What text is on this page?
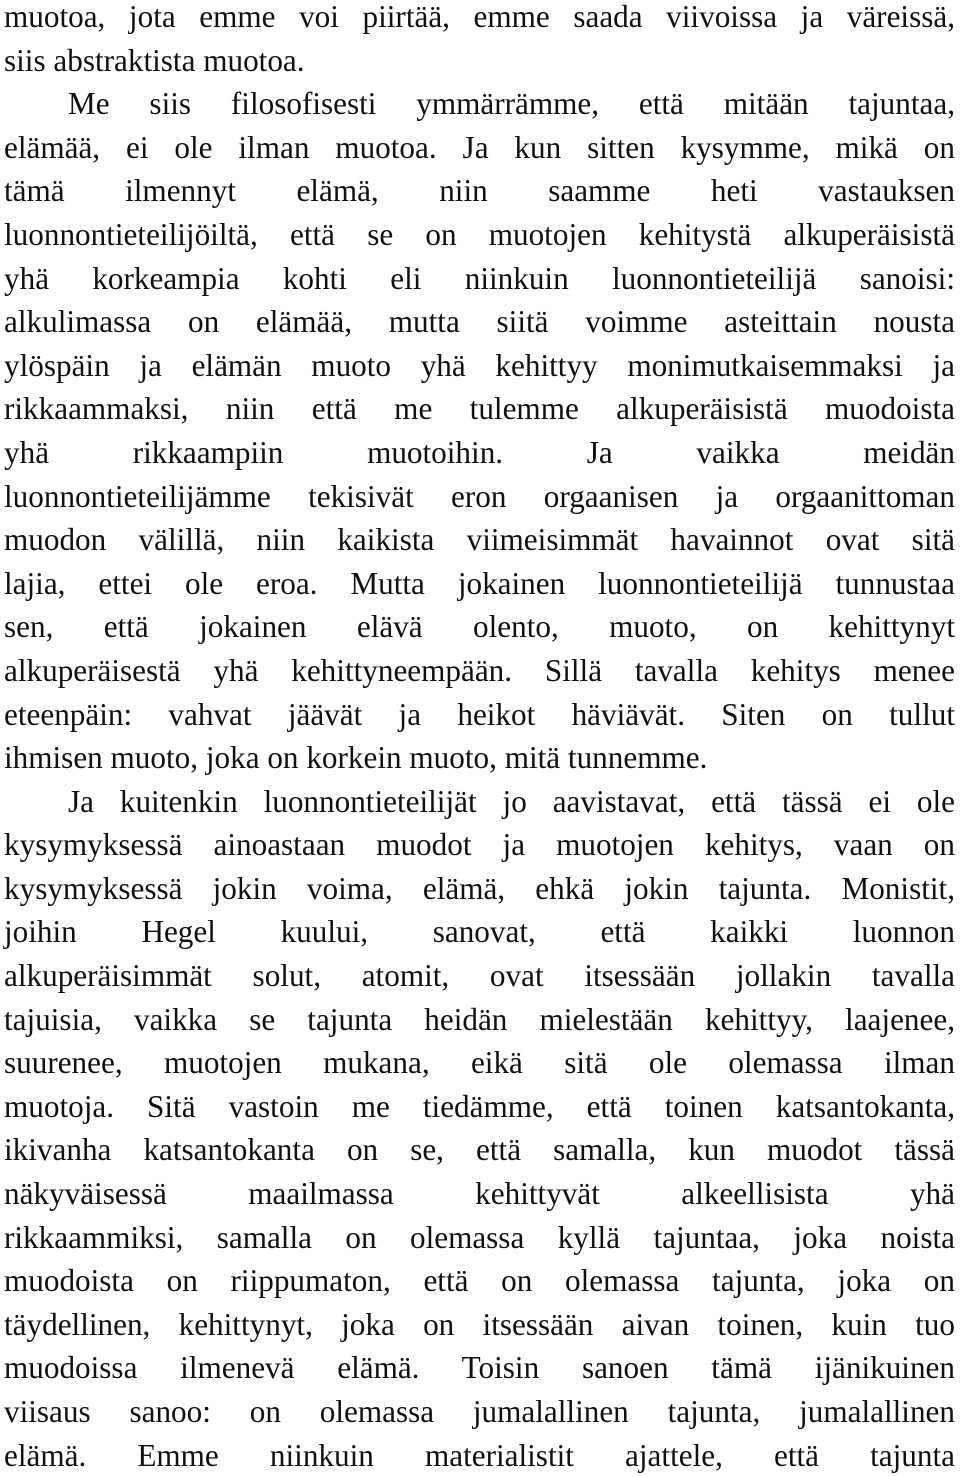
muotoa, jota emme voi piirtää, emme saada viivoissa ja väreissä,
siis abstraktista muotoa.
Me siis filosofisesti ymmärrämme, että mitään tajuntaa,
elämää, ei ole ilman muotoa. Ja kun sitten kysymme, mikä on
tämä ilmennyt elämä, niin saamme heti vastauksen
luonnontieteilijöiltä, että se on muotojen kehitystä alkuperäisistä
yhä korkeampia kohti eli niinkuin luonnontieteilijä sanoisi:
alkulimassa on elämää, mutta siitä voimme asteittain nousta
ylöspäin ja elämän muoto yhä kehittyy monimutkaisemmaksi ja
rikkaammaksi, niin että me tulemme alkuperäisistä muodoista
yhä rikkaampiin muotoihin. Ja vaikka meidän
luonnontieteilijämme tekisivät eron orgaanisen ja orgaanittoman
muodon välillä, niin kaikista viimeisimmät havainnot ovat sitä
lajia, ettei ole eroa. Mutta jokainen luonnontieteilijä tunnustaa
sen, että jokainen elävä olento, muoto, on kehittynyt
alkuperäisestä yhä kehittyneempään. Sillä tavalla kehitys menee
eteenpäin: vahvat jäävät ja heikot häviävät. Siten on tullut
ihmisen muoto, joka on korkein muoto, mitä tunnemme.
Ja kuitenkin luonnontieteilijät jo aavistavat, että tässä ei ole
kysymyksessä ainoastaan muodot ja muotojen kehitys, vaan on
kysymyksessä jokin voima, elämä, ehkä jokin tajunta. Monistit,
joihin Hegel kuului, sanovat, että kaikki luonnon
alkuperäisimmät solut, atomit, ovat itsessään jollakin tavalla
tajuisia, vaikka se tajunta heidän mielestään kehittyy, laajenee,
suurenee, muotojen mukana, eikä sitä ole olemassa ilman
muotoja. Sitä vastoin me tiedämme, että toinen katsantokanta,
ikivanha katsantokanta on se, että samalla, kun muodot tässä
näkyväisessä maailmassa kehittyvät alkeellisista yhä
rikkaammiksi, samalla on olemassa kyllä tajuntaa, joka noista
muodoista on riippumaton, että on olemassa tajunta, joka on
täydellinen, kehittynyt, joka on itsessään aivan toinen, kuin tuo
muodoissa ilmenevä elämä. Toisin sanoen tämä ijänikuinen
viisaus sanoo: on olemassa jumalallinen tajunta, jumalallinen
elämä. Emme niinkuin materialistit ajattele, että tajunta
